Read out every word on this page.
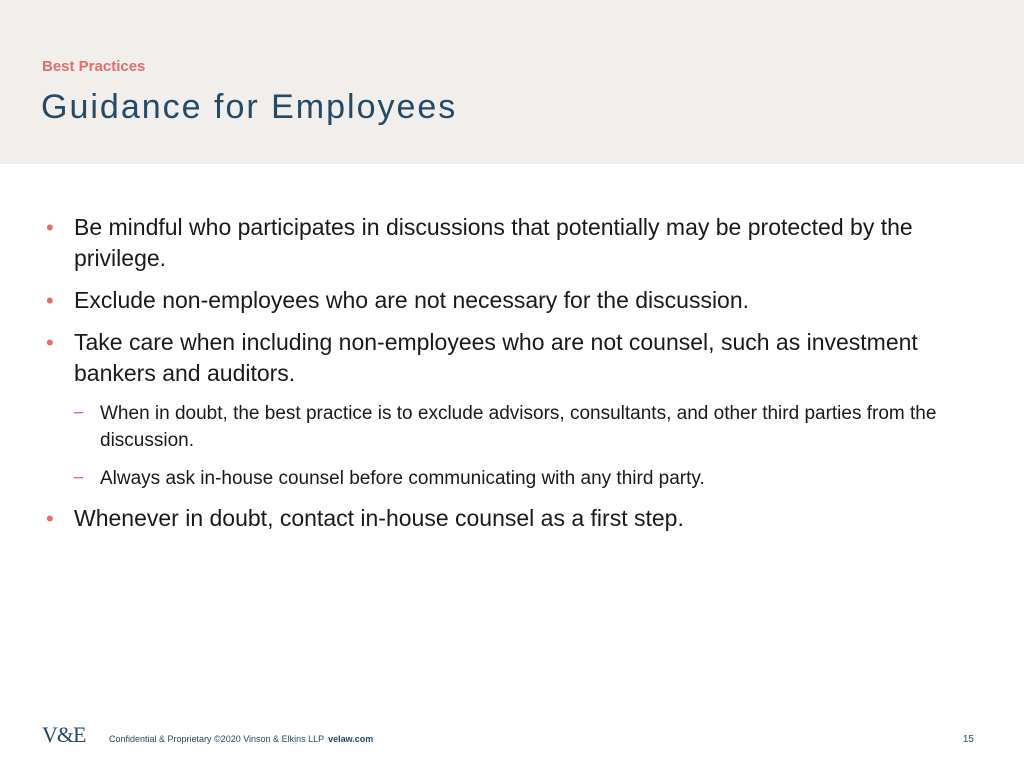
Best Practices
Guidance for Employees
• Be mindful who participates in discussions that potentially may be protected by the privilege.
• Exclude non-employees who are not necessary for the discussion.
• Take care when including non-employees who are not counsel, such as investment bankers and auditors.
− When in doubt, the best practice is to exclude advisors, consultants, and other third parties from the discussion.
− Always ask in-house counsel before communicating with any third party.
• Whenever in doubt, contact in-house counsel as a first step.
V&E	Confidential & Proprietary ©2020 Vinson & Elkins LLP velaw.com	15
